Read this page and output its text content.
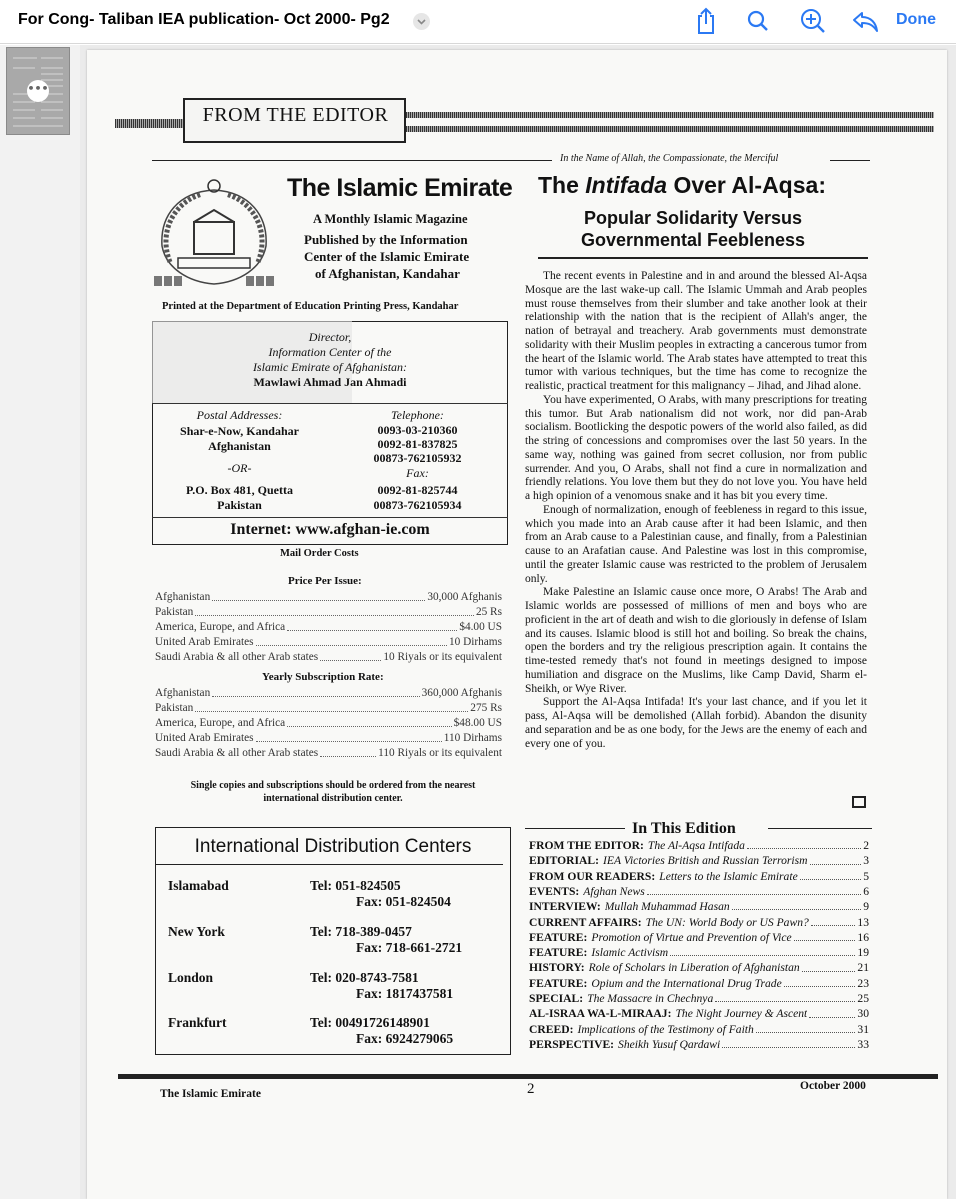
For Cong- Taliban IEA publication- Oct 2000- Pg2	Done
•••
FROM THE EDITOR
In the Name of Allah, the Compassionate, the Merciful
The Islamic Emirate
A Monthly Islamic Magazine
Published by the Information
Center of the Islamic Emirate
of Afghanistan, Kandahar
Printed at the Department of Education Printing Press, Kandahar
Director,
Information Center of the
Islamic Emirate of Afghanistan:
Mawlawi Ahmad Jan Ahmadi
Postal Addresses:
Shar-e-Now, Kandahar
Afghanistan
-OR-
P.O. Box 481, Quetta
Pakistan
Telephone:
0093-03-210360
0092-81-837825
00873-762105932
Fax:
0092-81-825744
00873-762105934
Internet: www.afghan-ie.com
Mail Order Costs
Price Per Issue:
Afghanistan	30,000 Afghanis
Pakistan	25 Rs
America, Europe, and Africa	$4.00 US
United Arab Emirates	10 Dirhams
Saudi Arabia & all other Arab states	10 Riyals or its equivalent
Yearly Subscription Rate:
Afghanistan	360,000 Afghanis
Pakistan	275 Rs
America, Europe, and Africa	$48.00 US
United Arab Emirates	110 Dirhams
Saudi Arabia & all other Arab states	110 Riyals or its equivalent
Single copies and subscriptions should be ordered from the nearest
international distribution center.
International Distribution Centers
Islamabad	Tel: 051-824505
Fax: 051-824504
New York	Tel: 718-389-0457
Fax: 718-661-2721
London	Tel: 020-8743-7581
Fax: 1817437581
Frankfurt	Tel: 00491726148901
Fax: 6924279065
The Intifada Over Al-Aqsa:
Popular Solidarity Versus
Governmental Feebleness

The recent events in Palestine and in and around the blessed Al-Aqsa Mosque are the last wake-up call. The Islamic Ummah and Arab peoples must rouse themselves from their slumber and take another look at their relationship with the nation that is the recipient of Allah's anger, the nation of betrayal and treachery. Arab governments must demonstrate solidarity with their Muslim peoples in extracting a cancerous tumor from the heart of the Islamic world. The Arab states have attempted to treat this tumor with various techniques, but the time has come to recognize the realistic, practical treatment for this malignancy – Jihad, and Jihad alone.

You have experimented, O Arabs, with many prescriptions for treating this tumor. But Arab nationalism did not work, nor did pan-Arab socialism. Bootlicking the despotic powers of the world also failed, as did the string of concessions and compromises over the last 50 years. In the same way, nothing was gained from secret collusion, nor from public surrender. And you, O Arabs, shall not find a cure in normalization and friendly relations. You love them but they do not love you. You have held a high opinion of a venomous snake and it has bit you every time.

Enough of normalization, enough of feebleness in regard to this issue, which you made into an Arab cause after it had been Islamic, and then from an Arab cause to a Palestinian cause, and finally, from a Palestinian cause to an Arafatian cause. And Palestine was lost in this compromise, until the greater Islamic cause was restricted to the problem of Jerusalem only.

Make Palestine an Islamic cause once more, O Arabs! The Arab and Islamic worlds are possessed of millions of men and boys who are proficient in the art of death and wish to die gloriously in defense of Islam and its causes. Islamic blood is still hot and boiling. So break the chains, open the borders and try the religious prescription again. It contains the time-tested remedy that's not found in meetings designed to impose humiliation and disgrace on the Muslims, like Camp David, Sharm el-Sheikh, or Wye River.

Support the Al-Aqsa Intifada! It's your last chance, and if you let it pass, Al-Aqsa will be demolished (Allah forbid). Abandon the disunity and separation and be as one body, for the Jews are the enemy of each and every one of you.

In This Edition
FROM THE EDITOR: The Al-Aqsa Intifada	2
EDITORIAL: IEA Victories British and Russian Terrorism	3
FROM OUR READERS: Letters to the Islamic Emirate	5
EVENTS: Afghan News	6
INTERVIEW: Mullah Muhammad Hasan	9
CURRENT AFFAIRS: The UN: World Body or US Pawn?	13
FEATURE: Promotion of Virtue and Prevention of Vice	16
FEATURE: Islamic Activism	19
HISTORY: Role of Scholars in Liberation of Afghanistan	21
FEATURE: Opium and the International Drug Trade	23
SPECIAL: The Massacre in Chechnya	25
AL-ISRAA WA-L-MIRAAJ: The Night Journey & Ascent	30
CREED: Implications of the Testimony of Faith	31
PERSPECTIVE: Sheikh Yusuf Qardawi	33
The Islamic Emirate	2	October 2000
